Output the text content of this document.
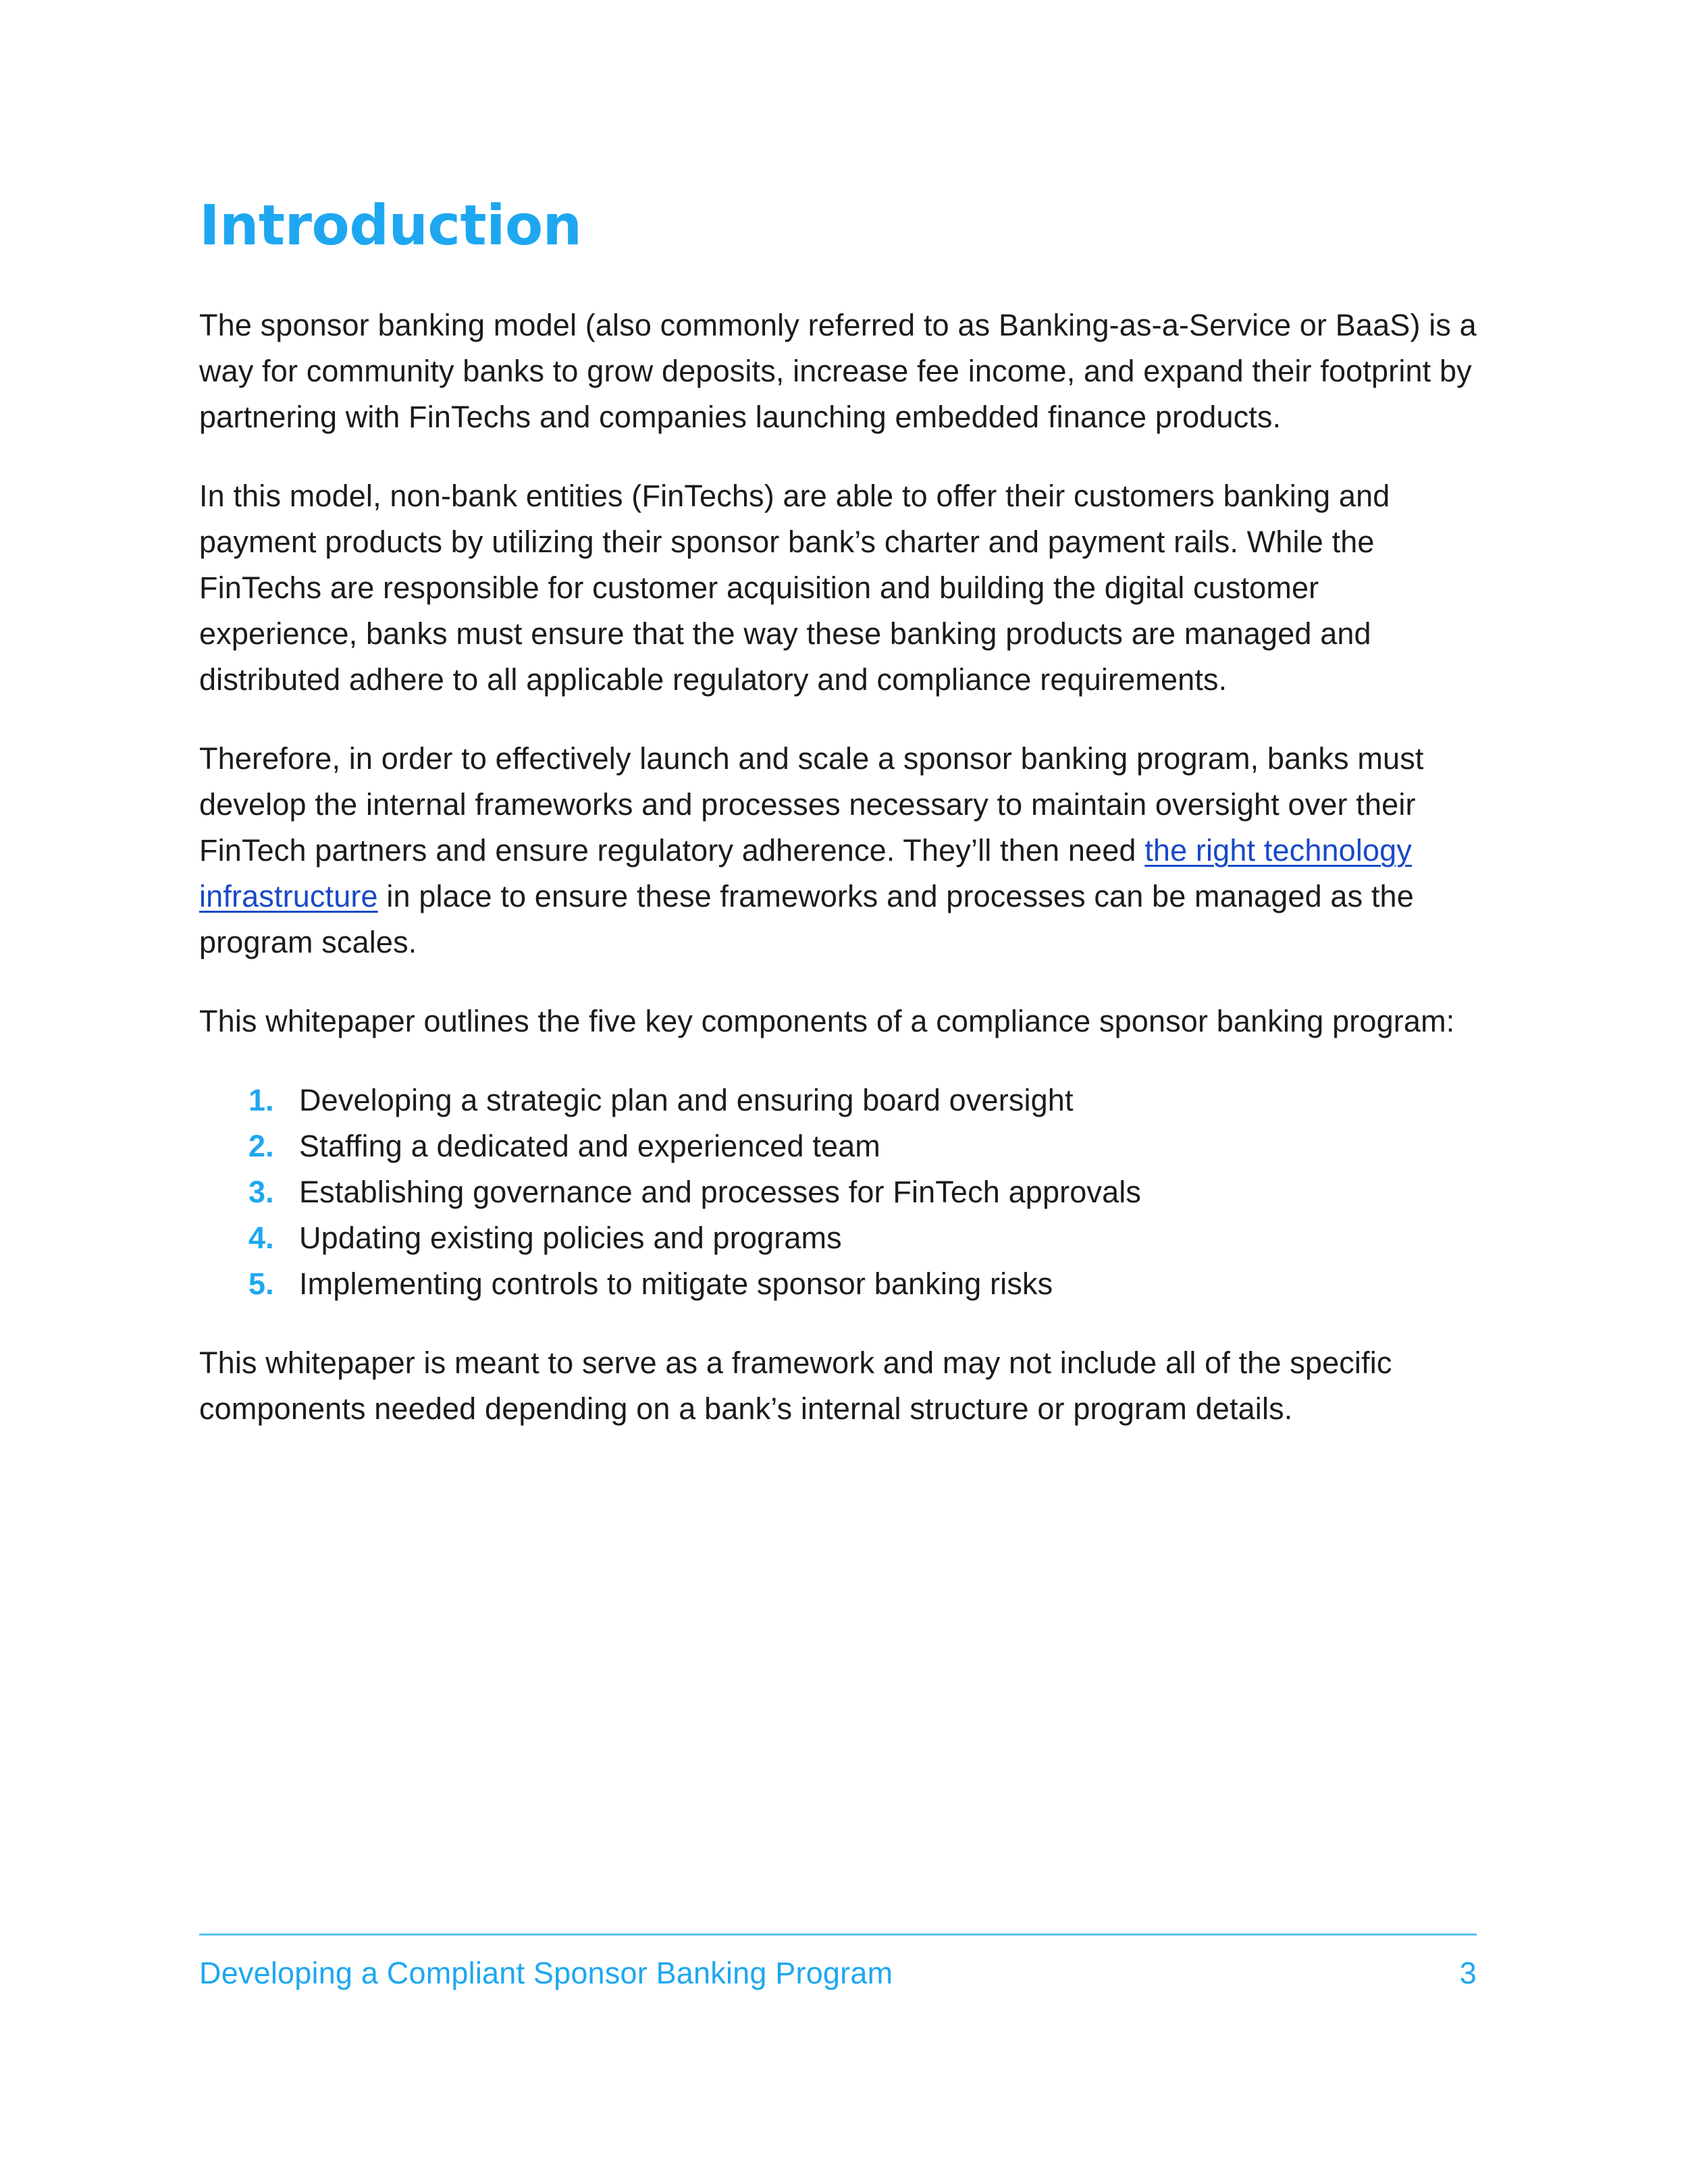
Introduction

The sponsor banking model (also commonly referred to as Banking-as-a-Service or BaaS) is a way for community banks to grow deposits, increase fee income, and expand their footprint by partnering with FinTechs and companies launching embedded finance products.

In this model, non-bank entities (FinTechs) are able to offer their customers banking and payment products by utilizing their sponsor bank’s charter and payment rails. While the FinTechs are responsible for customer acquisition and building the digital customer experience, banks must ensure that the way these banking products are managed and distributed adhere to all applicable regulatory and compliance requirements.

Therefore, in order to effectively launch and scale a sponsor banking program, banks must develop the internal frameworks and processes necessary to maintain oversight over their FinTech partners and ensure regulatory adherence. They’ll then need the right technology infrastructure in place to ensure these frameworks and processes can be managed as the program scales.

This whitepaper outlines the five key components of a compliance sponsor banking program:

1. Developing a strategic plan and ensuring board oversight
2. Staffing a dedicated and experienced team
3. Establishing governance and processes for FinTech approvals
4. Updating existing policies and programs
5. Implementing controls to mitigate sponsor banking risks

This whitepaper is meant to serve as a framework and may not include all of the specific components needed depending on a bank’s internal structure or program details.

Developing a Compliant Sponsor Banking Program	3
